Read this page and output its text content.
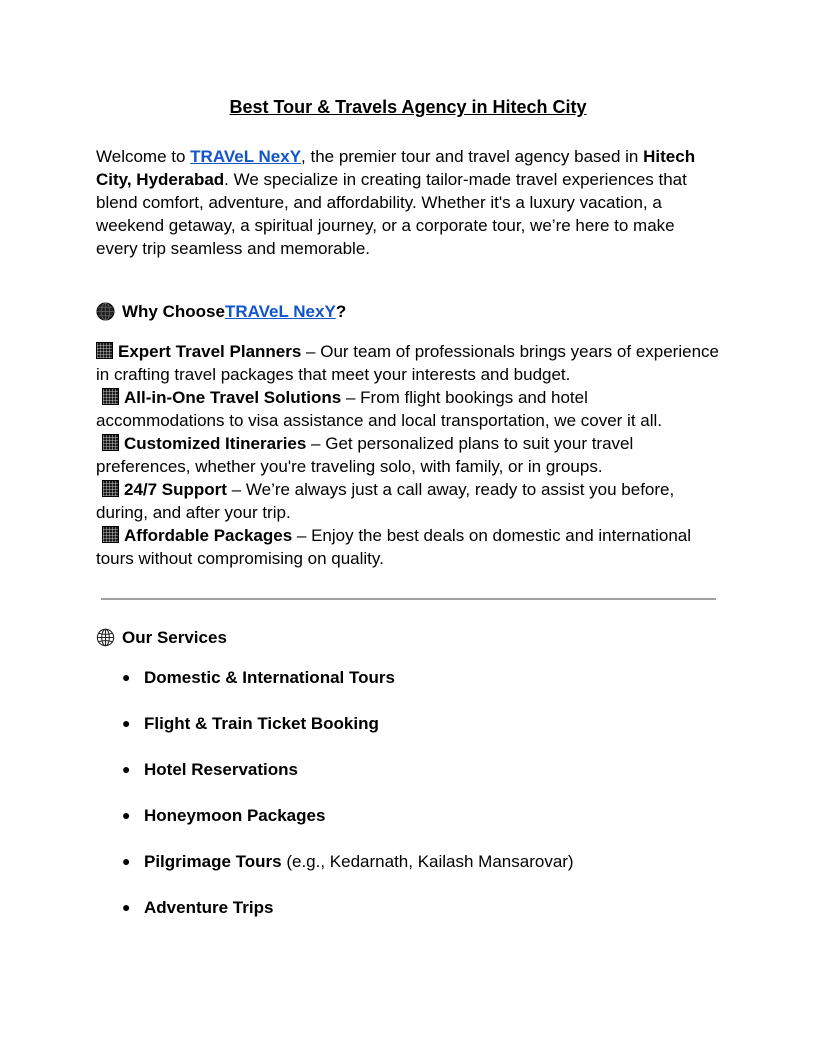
Best Tour & Travels Agency in Hitech City

Welcome to TRAVeL NexY, the premier tour and travel agency based in Hitech City, Hyderabad. We specialize in creating tailor-made travel experiences that blend comfort, adventure, and affordability. Whether it's a luxury vacation, a weekend getaway, a spiritual journey, or a corporate tour, we’re here to make every trip seamless and memorable.

Why Choose TRAVeL NexY ?

Expert Travel Planners – Our team of professionals brings years of experience in crafting travel packages that meet your interests and budget.
All-in-One Travel Solutions – From flight bookings and hotel accommodations to visa assistance and local transportation, we cover it all.
Customized Itineraries – Get personalized plans to suit your travel preferences, whether you're traveling solo, with family, or in groups.
24/7 Support – We’re always just a call away, ready to assist you before, during, and after your trip.
Affordable Packages – Enjoy the best deals on domestic and international tours without compromising on quality.

Our Services
● Domestic & International Tours
● Flight & Train Ticket Booking
● Hotel Reservations
● Honeymoon Packages
● Pilgrimage Tours (e.g., Kedarnath, Kailash Mansarovar)
● Adventure Trips
